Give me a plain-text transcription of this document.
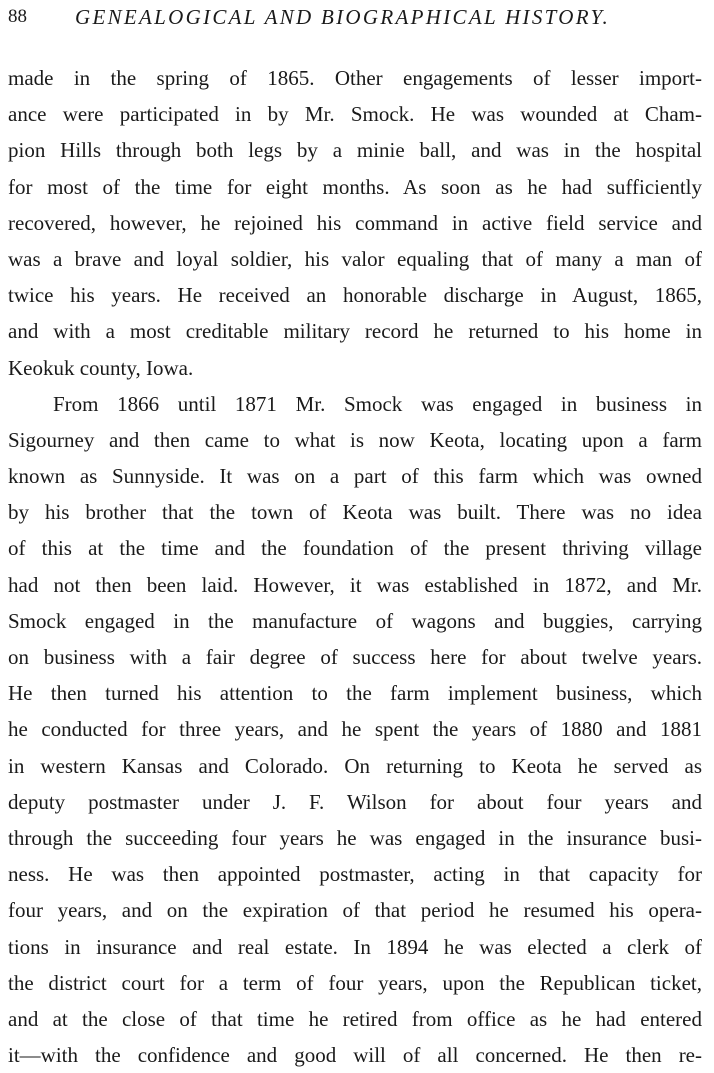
88 GENEALOGICAL AND BIOGRAPHICAL HISTORY.
made in the spring of 1865. Other engagements of lesser import-
ance were participated in by Mr. Smock. He was wounded at Cham-
pion Hills through both legs by a minie ball, and was in the hospital
for most of the time for eight months. As soon as he had sufficiently
recovered, however, he rejoined his command in active field service and
was a brave and loyal soldier, his valor equaling that of many a man of
twice his years. He received an honorable discharge in August, 1865,
and with a most creditable military record he returned to his home in
Keokuk county, Iowa.
From 1866 until 1871 Mr. Smock was engaged in business in
Sigourney and then came to what is now Keota, locating upon a farm
known as Sunnyside. It was on a part of this farm which was owned
by his brother that the town of Keota was built. There was no idea
of this at the time and the foundation of the present thriving village
had not then been laid. However, it was established in 1872, and Mr.
Smock engaged in the manufacture of wagons and buggies, carrying
on business with a fair degree of success here for about twelve years.
He then turned his attention to the farm implement business, which
he conducted for three years, and he spent the years of 1880 and 1881
in western Kansas and Colorado. On returning to Keota he served as
deputy postmaster under J. F. Wilson for about four years and
through the succeeding four years he was engaged in the insurance busi-
ness. He was then appointed postmaster, acting in that capacity for
four years, and on the expiration of that period he resumed his opera-
tions in insurance and real estate. In 1894 he was elected a clerk of
the district court for a term of four years, upon the Republican ticket,
and at the close of that time he retired from office as he had entered
it—with the confidence and good will of all concerned. He then re-
